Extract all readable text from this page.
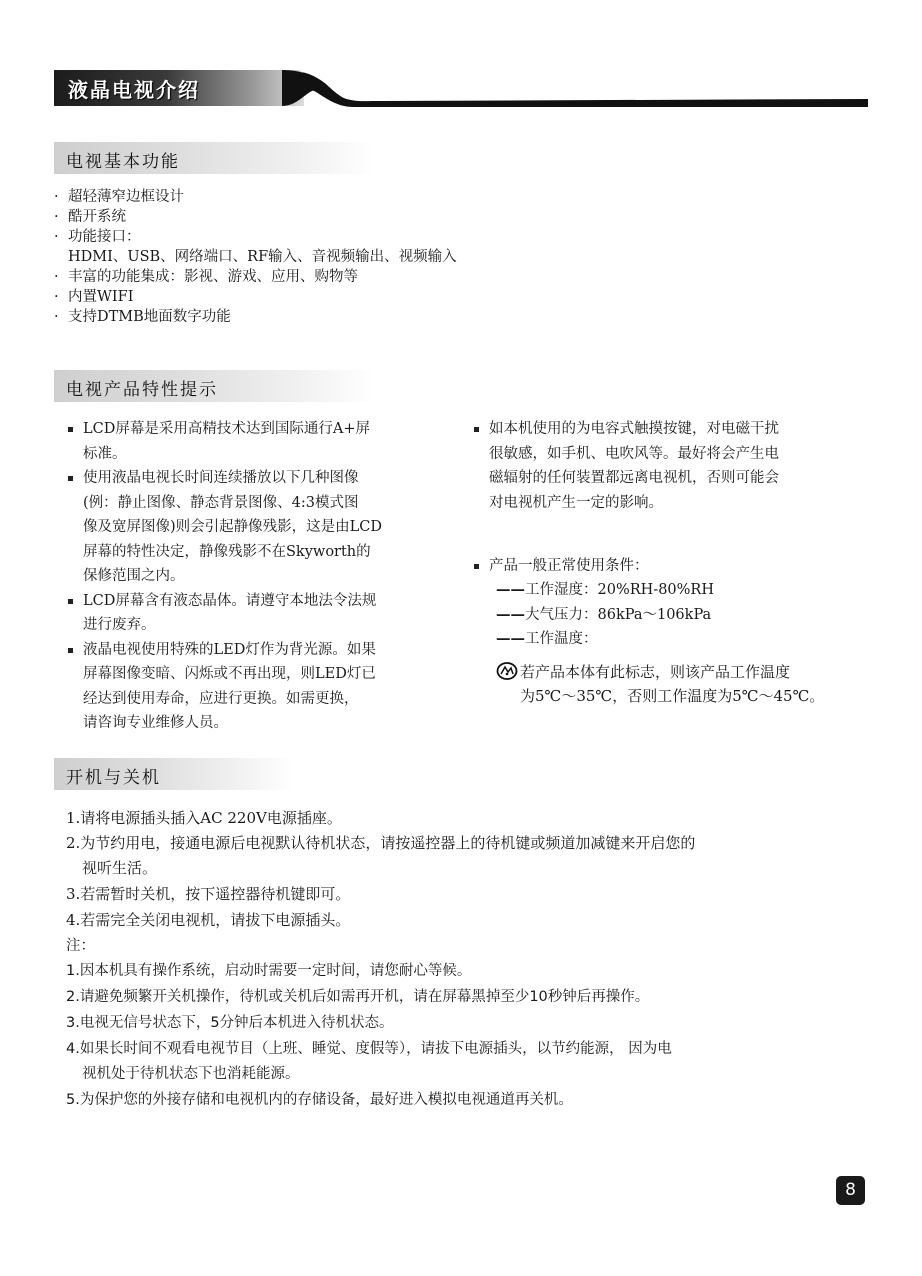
液晶电视介绍
电视基本功能
· 超轻薄窄边框设计
· 酷开系统
· 功能接口：
HDMI、USB、网络端口、RF输入、音视频输出、视频输入
· 丰富的功能集成：影视、游戏、应用、购物等
· 内置WIFI
· 支持DTMB地面数字功能
电视产品特性提示
LCD屏幕是采用高精技术达到国际通行A+屏
标准。
使用液晶电视长时间连续播放以下几种图像
(例：静止图像、静态背景图像、4:3模式图
像及宽屏图像)则会引起静像残影，这是由LCD
屏幕的特性决定，静像残影不在Skyworth的
保修范围之内。
LCD屏幕含有液态晶体。请遵守本地法令法规
进行废弃。
液晶电视使用特殊的LED灯作为背光源。如果
屏幕图像变暗、闪烁或不再出现，则LED灯已
经达到使用寿命，应进行更换。如需更换，
请咨询专业维修人员。
如本机使用的为电容式触摸按键，对电磁干扰
很敏感，如手机、电吹风等。最好将会产生电
磁辐射的任何装置都远离电视机，否则可能会
对电视机产生一定的影响。
产品一般正常使用条件：
——工作湿度：20%RH-80%RH
——大气压力：86kPa～106kPa
——工作温度：
若产品本体有此标志，则该产品工作温度
为5℃～35℃，否则工作温度为5℃～45℃。
开机与关机
1.请将电源插头插入AC 220V电源插座。
2.为节约用电，接通电源后电视默认待机状态，请按遥控器上的待机键或频道加减键来开启您的
视听生活。
3.若需暂时关机，按下遥控器待机键即可。
4.若需完全关闭电视机，请拔下电源插头。
注：
1.因本机具有操作系统，启动时需要一定时间，请您耐心等候。
2.请避免频繁开关机操作，待机或关机后如需再开机，请在屏幕黑掉至少10秒钟后再操作。
3.电视无信号状态下，5分钟后本机进入待机状态。
4.如果长时间不观看电视节目（上班、睡觉、度假等），请拔下电源插头，以节约能源， 因为电
视机处于待机状态下也消耗能源。
5.为保护您的外接存储和电视机内的存储设备，最好进入模拟电视通道再关机。
8
